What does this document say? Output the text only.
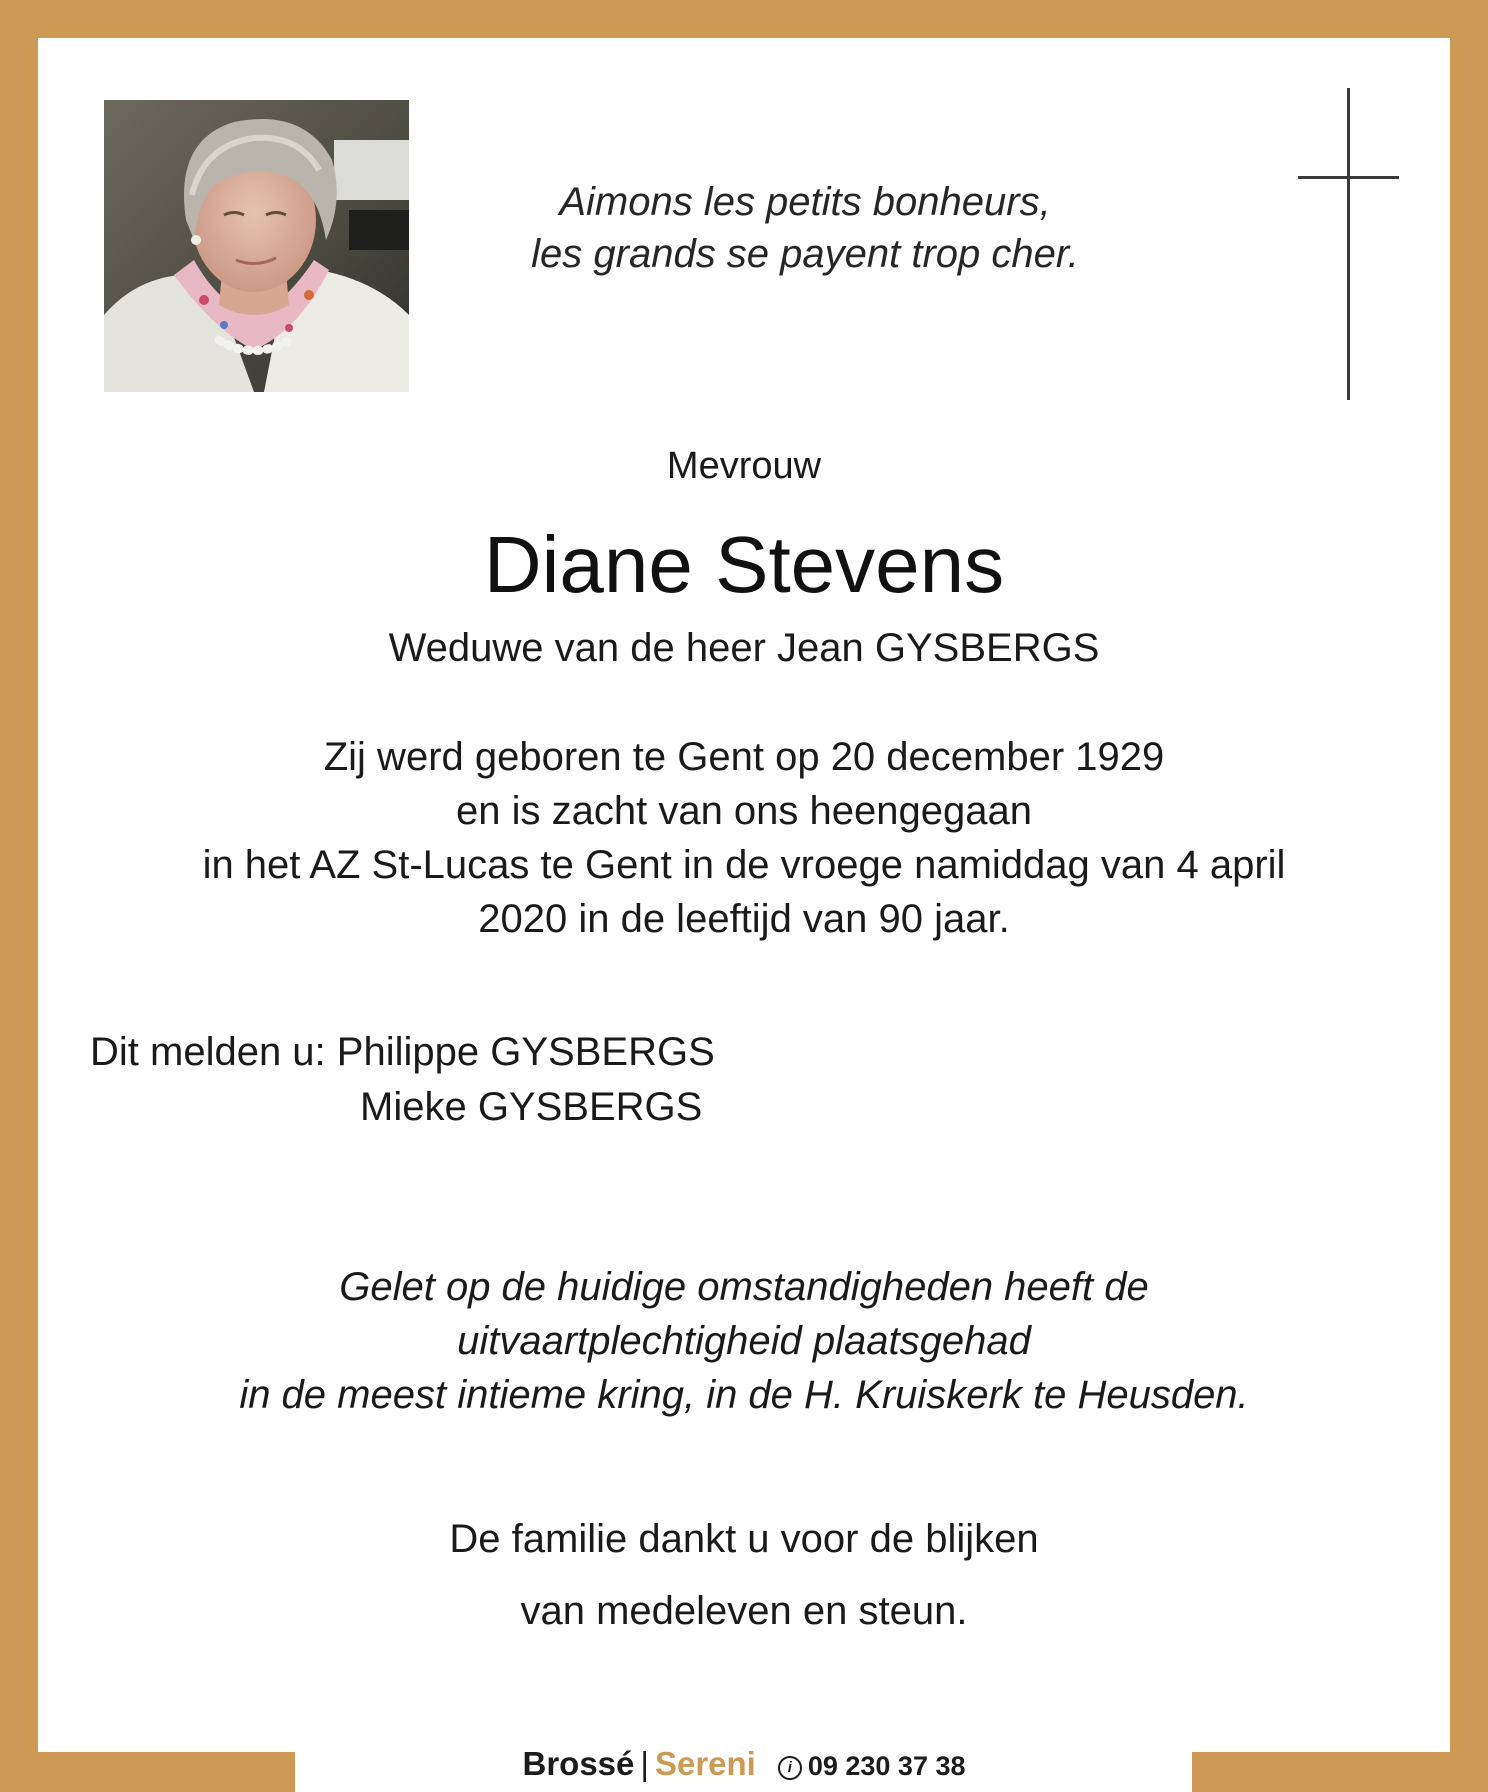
Aimons les petits bonheurs,
les grands se payent trop cher.
Mevrouw
Diane Stevens
Weduwe van de heer Jean GYSBERGS
Zij werd geboren te Gent op 20 december 1929
en is zacht van ons heengegaan
in het AZ St-Lucas te Gent in de vroege namiddag van 4 april
2020 in de leeftijd van 90 jaar.
Dit melden u: Philippe GYSBERGS
Mieke GYSBERGS
Gelet op de huidige omstandigheden heeft de
uitvaartplechtigheid plaatsgehad
in de meest intieme kring, in de H. Kruiskerk te Heusden.
De familie dankt u voor de blijken
van medeleven en steun.
Brossé | Sereni i 09 230 37 38
